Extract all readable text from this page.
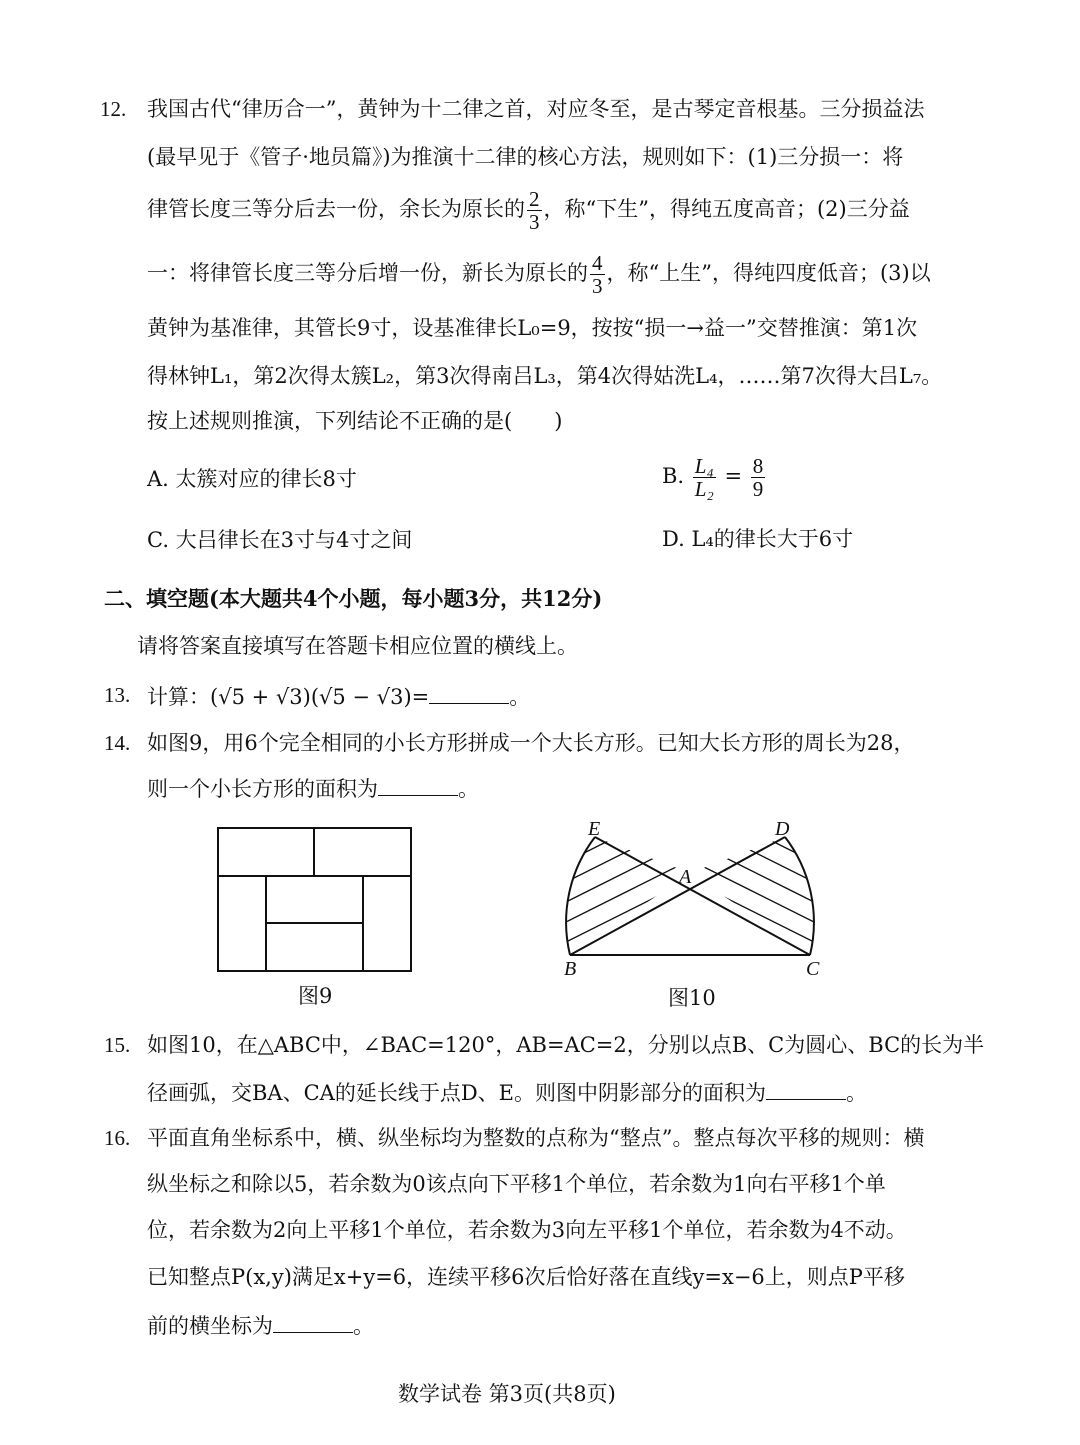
12. 我国古代“律历合一”，黄钟为十二律之首，对应冬至，是古琴定音根基。三分损益法
(最早见于《管子·地员篇》)为推演十二律的核心方法，规则如下：(1)三分损一：将
律管长度三等分后去一份，余长为原长的 $\frac{2}{3}$ ，称“下生”，得纯五度高音；(2)三分益
一：将律管长度三等分后增一份，新长为原长的 $\frac{4}{3}$ ，称“上生”，得纯四度低音；(3)以
黄钟为基准律，其管长9寸，设基准律长L₀=9，按按“损一→益一”交替推演：第1次
得林钟L₁，第2次得太簇L₂，第3次得南吕L₃，第4次得姑洗L₄，……第7次得大吕L₇。
按上述规则推演，下列结论不正确的是(　　)
A. 太簇对应的律长8寸	B. $\frac{\text{L₄}}{\text{L₂}} = \frac{8}{9}$
C. 大吕律长在3寸与4寸之间	D. L₄的律长大于6寸
二、填空题(本大题共4个小题，每小题3分，共12分)
请将答案直接填写在答题卡相应位置的横线上。
13. 计算：(√5 + √3)(√5 − √3)=	。
14. 如图9，用6个完全相同的小长方形拼成一个大长方形。已知大长方形的周长为28，
则一个小长方形的面积为	。
图9
E	D
A
B	C
图10
15. 如图10，在△ABC中，∠BAC=120°，AB=AC=2，分别以点B、C为圆心、BC的长为半
径画弧，交BA、CA的延长线于点D、E。则图中阴影部分的面积为	。
16. 平面直角坐标系中，横、纵坐标均为整数的点称为“整点”。整点每次平移的规则：横
纵坐标之和除以5，若余数为0该点向下平移1个单位，若余数为1向右平移1个单
位，若余数为2向上平移1个单位，若余数为3向左平移1个单位，若余数为4不动。
已知整点P(x,y)满足x+y=6，连续平移6次后恰好落在直线y=x−6上，则点P平移
前的横坐标为	。
数学试卷 第3页(共8页)
